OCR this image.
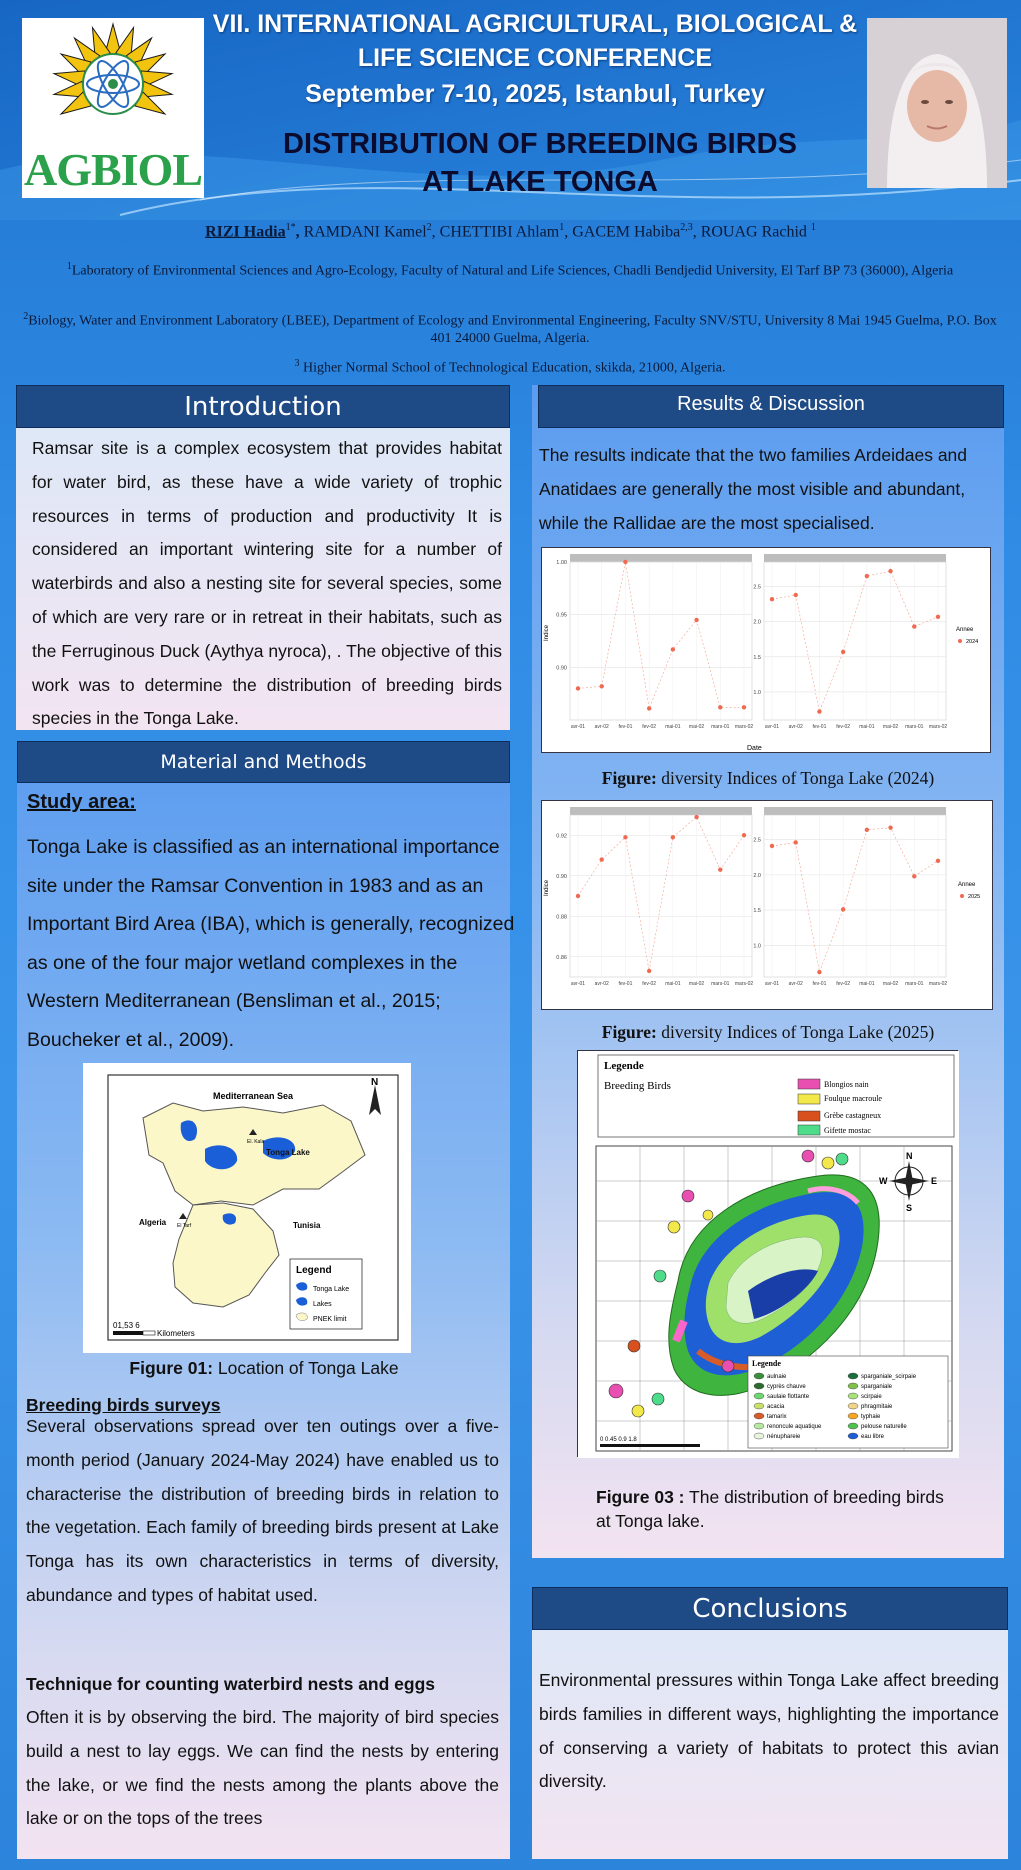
AGBIOL
VII. INTERNATIONAL AGRICULTURAL, BIOLOGICAL &
LIFE SCIENCE CONFERENCE
September 7-10, 2025, Istanbul, Turkey
DISTRIBUTION OF BREEDING BIRDS
AT LAKE TONGA
RIZI Hadia$^{1*}$, RAMDANI Kamel$^2$, CHETTIBI Ahlam$^1$, GACEM Habiba$^{2,3}$, ROUAG Rachid $^1$
$^1$Laboratory of Environmental Sciences and Agro-Ecology, Faculty of Natural and Life Sciences, Chadli Bendjedid University, El Tarf BP 73 (36000), Algeria
$^2$Biology, Water and Environment Laboratory (LBEE), Department of Ecology and Environmental Engineering, Faculty SNV/STU, University 8 Mai 1945 Guelma, P.O. Box 401 24000 Guelma, Algeria.
$^3$ Higher Normal School of Technological Education, skikda, 21000, Algeria.
Introduction
Ramsar site is a complex ecosystem that provides habitat for water bird, as these have a wide variety of trophic resources in terms of production and productivity It is considered an important wintering site for a number of waterbirds and also a nesting site for several species, some of which are very rare or in retreat in their habitats, such as the Ferruginous Duck (Aythya nyroca), . The objective of this work was to determine the distribution of breeding birds species in the Tonga Lake.
Material and Methods
Study area:
Tonga Lake is classified as an international importance site under the Ramsar Convention in 1983 and as an Important Bird Area (IBA), which is generally, recognized as one of the four major wetland complexes in the Western Mediterranean (Bensliman et al., 2015; Boucheker et al., 2009).
Mediterranean Sea
Tonga Lake
El. Kala
El Tarf
Algeria	Tunisia
N
Legend
Tonga Lake
Lakes
PNEK limit
01,53 6
Kilometers
Figure 01: Location of Tonga Lake
Breeding birds surveys
Several observations spread over ten outings over a five-month period (January 2024-May 2024) have enabled us to characterise the distribution of breeding birds in relation to the vegetation. Each family of breeding birds present at Lake Tonga has its own characteristics in terms of diversity, abundance and types of habitat used.
Technique for counting waterbird nests and eggs
Often it is by observing the bird. The majority of bird species build a nest to lay eggs. We can find the nests by entering the lake, or we find the nests among the plants above the lake or on the tops of the trees
Results & Discussion
The results indicate that the two families Ardeidaes and Anatidaes are generally the most visible and abundant, while the Rallidae are the most specialised.
Indice
Date
0.90
0.95
1.00
avr-01 avr-02 fev-01 fev-02 mai-01 mai-02 mars-01 mars-02
1.0
1.5
2.0
2.5
avr-01 avr-02 fev-01 fev-02 mai-01 mai-02 mars-01 mars-02
Annee
2024
Figure: diversity Indices of Tonga Lake (2024)
Indice
0.86
0.88
0.90
0.92
avr-01 avr-02 fev-01 fev-02 mai-01 mai-02 mars-01 mars-02
1.0
1.5
2.0
2.5
avr-01 avr-02 fev-01 fev-02 mai-01 mai-02 mars-01 mars-02
Annee
2025
Figure: diversity Indices of Tonga Lake (2025)
Legende
Breeding Birds	Blongios nain
Foulque macroule
Grèbe castagneux
Gifette mostac
N
E
S
W
Legende
aulnaie
cyprès chauve
saulaie flottante
acacia
tamarix
renoncule aquatique
nénuphareie
sparganiale_scirpaie
sparganiale
scirpaie
phragmitaie
typhaie
pelouse naturelle
eau libre
0 0.45 0.9 1.8
Figure 03 : The distribution of breeding birds at Tonga lake.
Conclusions
Environmental pressures within Tonga Lake affect breeding birds families in different ways, highlighting the importance of conserving a variety of habitats to protect this avian diversity.
